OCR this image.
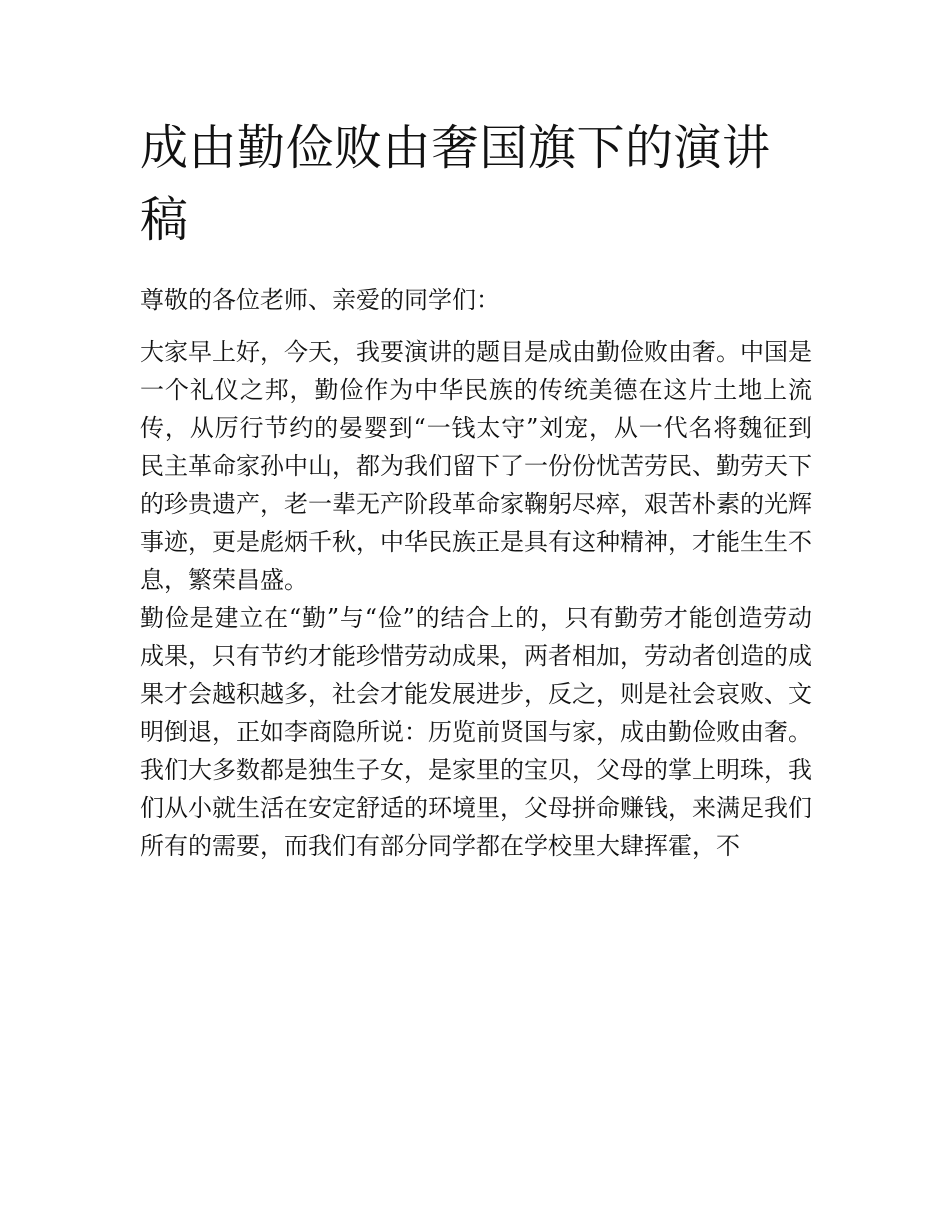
成由勤俭败由奢国旗下的演讲稿

尊敬的各位老师、亲爱的同学们：

大家早上好，今天，我要演讲的题目是成由勤俭败由奢。中国是一个礼仪之邦，勤俭作为中华民族的传统美德在这片土地上流传，从厉行节约的晏婴到“一钱太守”刘宠，从一代名将魏征到民主革命家孙中山，都为我们留下了一份份忧苦劳民、勤劳天下的珍贵遗产，老一辈无产阶段革命家鞠躬尽瘁，艰苦朴素的光辉事迹，更是彪炳千秋，中华民族正是具有这种精神，才能生生不息，繁荣昌盛。

勤俭是建立在“勤”与“俭”的结合上的，只有勤劳才能创造劳动成果，只有节约才能珍惜劳动成果，两者相加，劳动者创造的成果才会越积越多，社会才能发展进步，反之，则是社会哀败、文明倒退，正如李商隐所说：历览前贤国与家，成由勤俭败由奢。

我们大多数都是独生子女，是家里的宝贝，父母的掌上明珠，我们从小就生活在安定舒适的环境里，父母拼命赚钱，来满足我们所有的需要，而我们有部分同学都在学校里大肆挥霍，不
